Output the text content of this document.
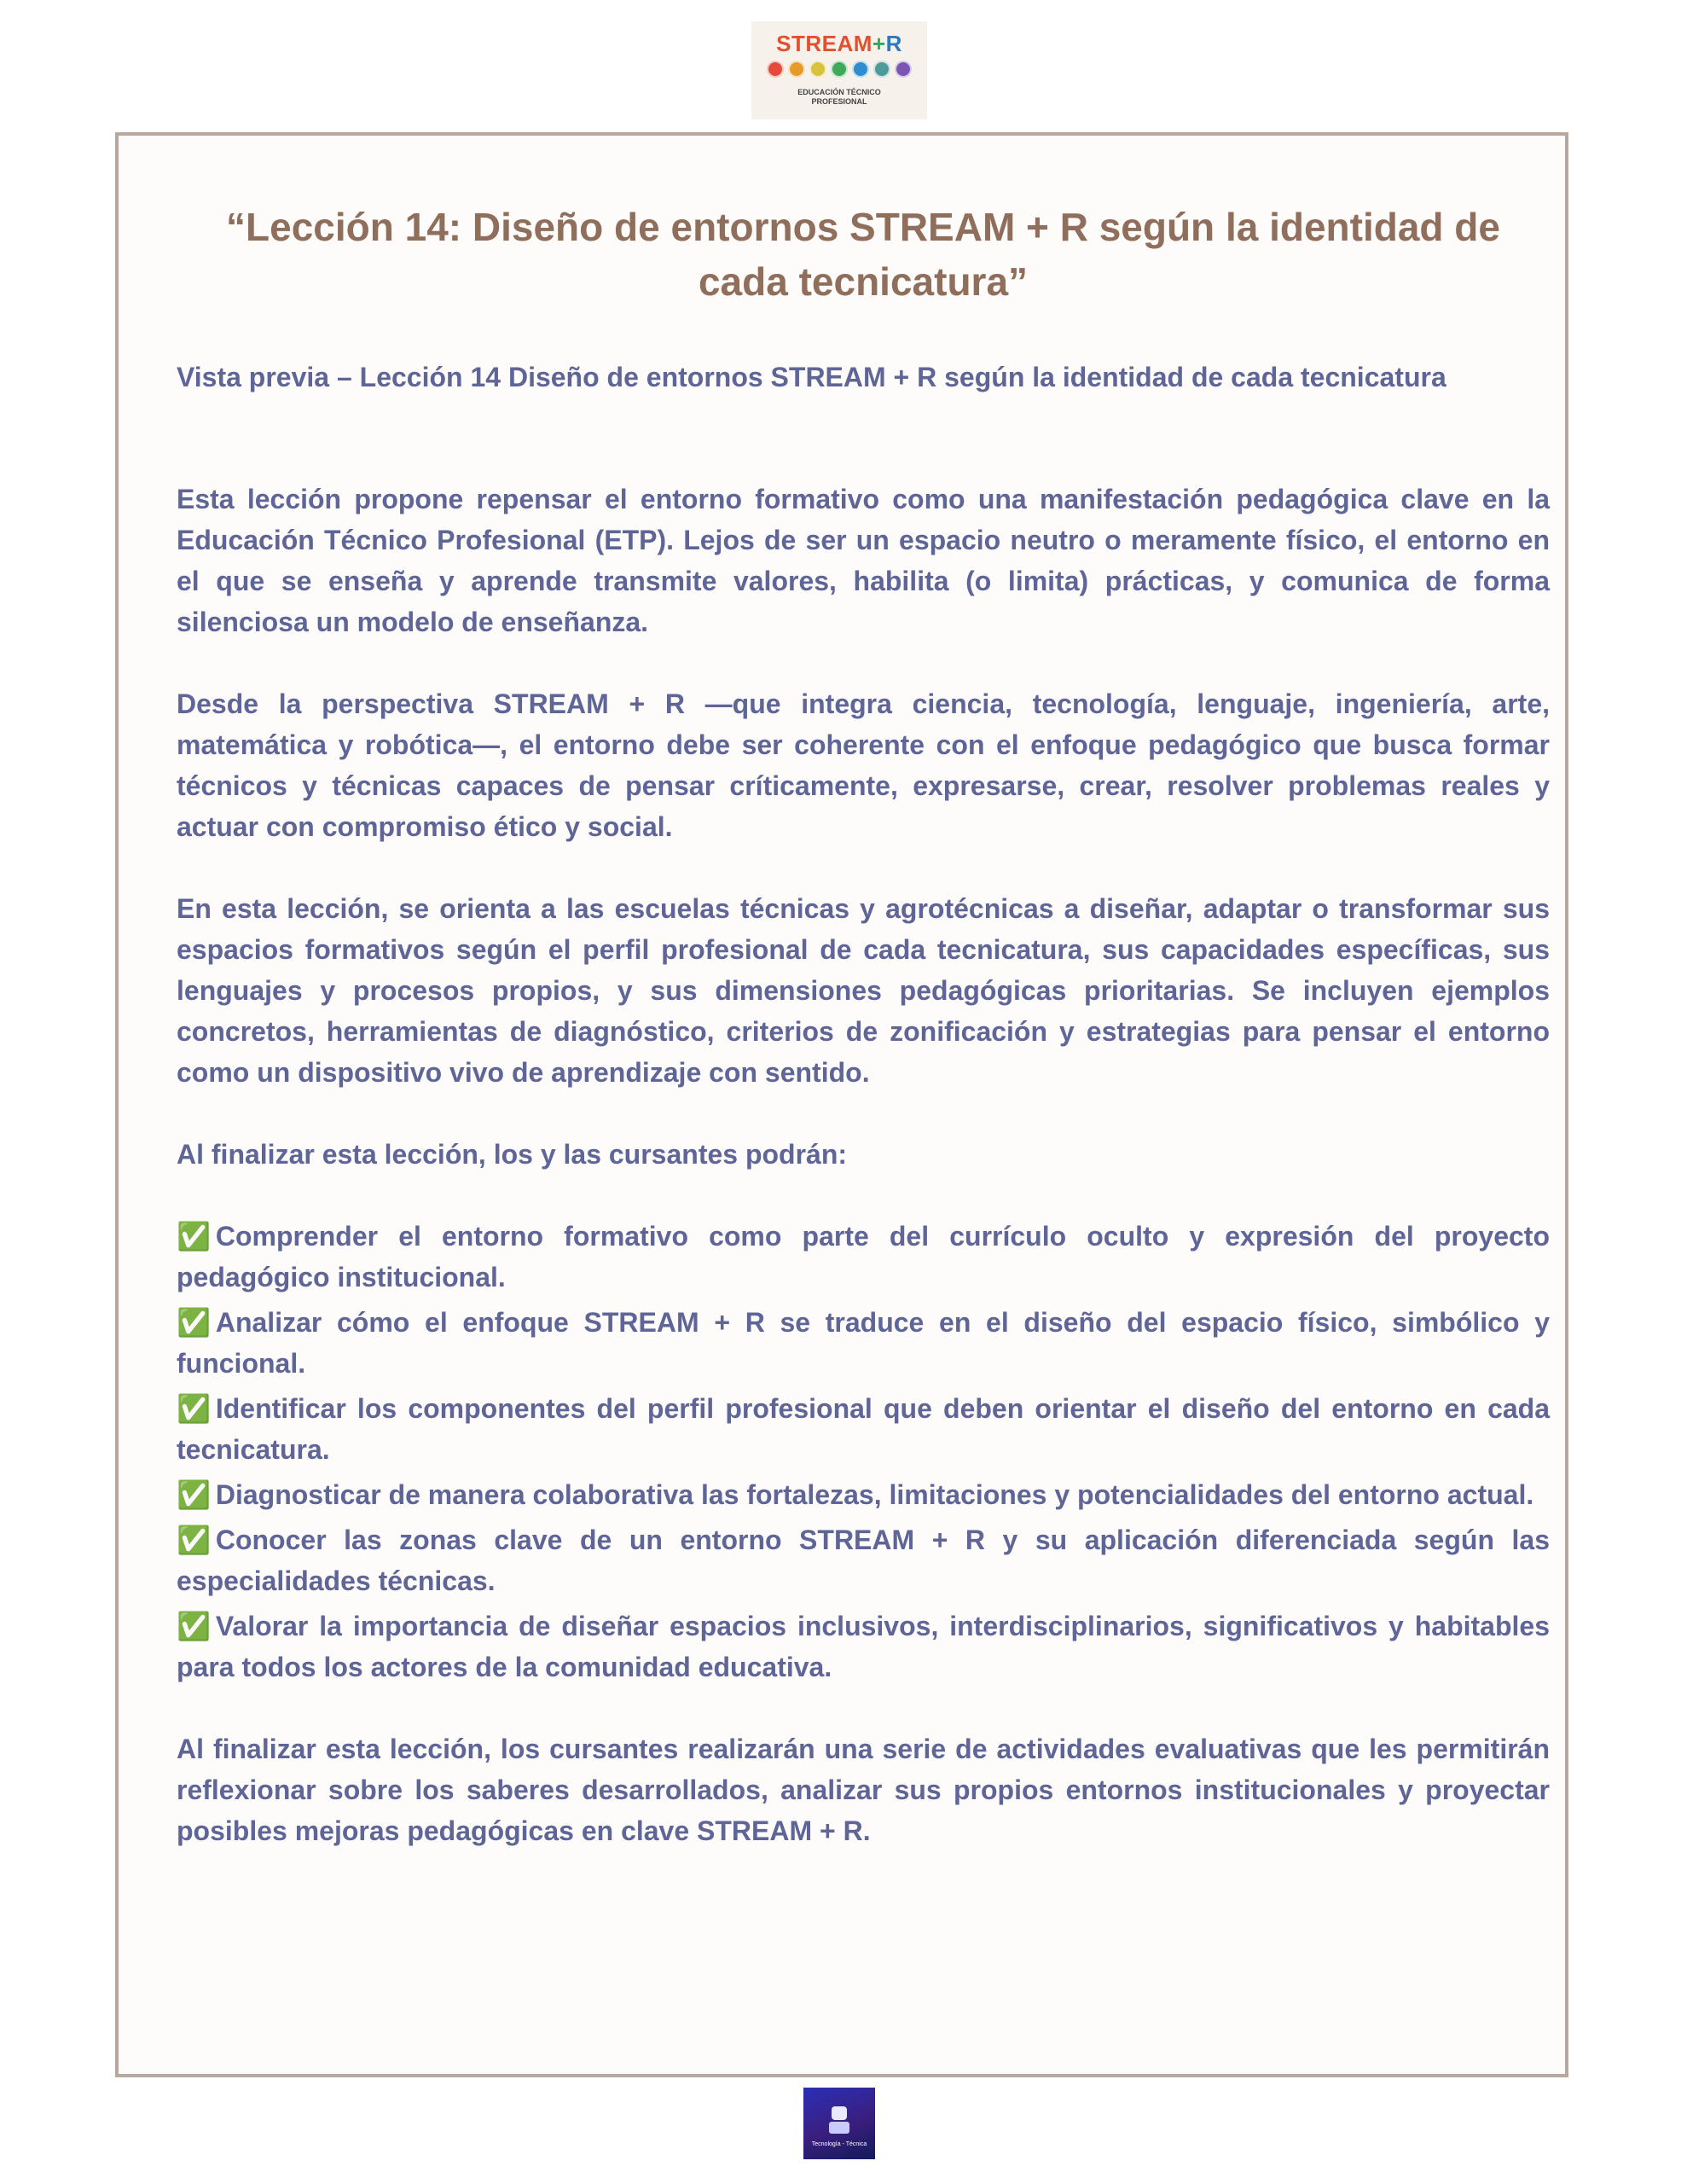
STREAM+R
EDUCACIÓN TÉCNICO
PROFESIONAL
“Lección 14: Diseño de entornos STREAM + R según la identidad de cada tecnicatura”

Vista previa – Lección 14 Diseño de entornos STREAM + R según la identidad de cada tecnicatura

Esta lección propone repensar el entorno formativo como una manifestación pedagógica clave en la Educación Técnico Profesional (ETP). Lejos de ser un espacio neutro o meramente físico, el entorno en el que se enseña y aprende transmite valores, habilita (o limita) prácticas, y comunica de forma silenciosa un modelo de enseñanza.

Desde la perspectiva STREAM + R —que integra ciencia, tecnología, lenguaje, ingeniería, arte, matemática y robótica—, el entorno debe ser coherente con el enfoque pedagógico que busca formar técnicos y técnicas capaces de pensar críticamente, expresarse, crear, resolver problemas reales y actuar con compromiso ético y social.

En esta lección, se orienta a las escuelas técnicas y agrotécnicas a diseñar, adaptar o transformar sus espacios formativos según el perfil profesional de cada tecnicatura, sus capacidades específicas, sus lenguajes y procesos propios, y sus dimensiones pedagógicas prioritarias. Se incluyen ejemplos concretos, herramientas de diagnóstico, criterios de zonificación y estrategias para pensar el entorno como un dispositivo vivo de aprendizaje con sentido.

Al finalizar esta lección, los y las cursantes podrán:

✅ Comprender el entorno formativo como parte del currículo oculto y expresión del proyecto pedagógico institucional.
✅ Analizar cómo el enfoque STREAM + R se traduce en el diseño del espacio físico, simbólico y funcional.
✅ Identificar los componentes del perfil profesional que deben orientar el diseño del entorno en cada tecnicatura.
✅ Diagnosticar de manera colaborativa las fortalezas, limitaciones y potencialidades del entorno actual.
✅ Conocer las zonas clave de un entorno STREAM + R y su aplicación diferenciada según las especialidades técnicas.
✅ Valorar la importancia de diseñar espacios inclusivos, interdisciplinarios, significativos y habitables para todos los actores de la comunidad educativa.

Al finalizar esta lección, los cursantes realizarán una serie de actividades evaluativas que les permitirán reflexionar sobre los saberes desarrollados, analizar sus propios entornos institucionales y proyectar posibles mejoras pedagógicas en clave STREAM + R.

Tecnología - Técnica
